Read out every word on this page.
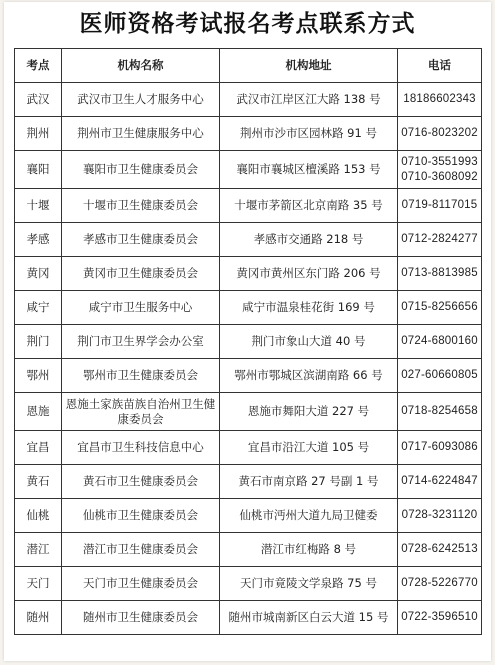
医师资格考试报名考点联系方式
考点	机构名称	机构地址	电话
武汉	武汉市卫生人才服务中心	武汉市江岸区江大路 138 号	18186602343

荆州	荆州市卫生健康服务中心	荆州市沙市区园林路 91 号	0716-8023202

襄阳	襄阳市卫生健康委员会	襄阳市襄城区檀溪路 153 号	0710-3551993
0710-3608092

十堰	十堰市卫生健康委员会	十堰市茅箭区北京南路 35 号	0719-8117015

孝感	孝感市卫生健康委员会	孝感市交通路 218 号	0712-2824277

黄冈	黄冈市卫生健康委员会	黄冈市黄州区东门路 206 号	0713-8813985

咸宁	咸宁市卫生服务中心	咸宁市温泉桂花街 169 号	0715-8256656

荆门	荆门市卫生界学会办公室	荆门市象山大道 40 号	0724-6800160

鄂州	鄂州市卫生健康委员会	鄂州市鄂城区滨湖南路 66 号	027-60660805

恩施	恩施土家族苗族自治州卫生健康委员会	恩施市舞阳大道 227 号	0718-8254658

宜昌	宜昌市卫生科技信息中心	宜昌市沿江大道 105 号	0717-6093086

黄石	黄石市卫生健康委员会	黄石市南京路 27 号副 1 号	0714-6224847

仙桃	仙桃市卫生健康委员会	仙桃市沔州大道九局卫健委	0728-3231120

潜江	潜江市卫生健康委员会	潜江市红梅路 8 号	0728-6242513

天门	天门市卫生健康委员会	天门市竟陵文学泉路 75 号	0728-5226770

随州	随州市卫生健康委员会	随州市城南新区白云大道 15 号	0722-3596510
